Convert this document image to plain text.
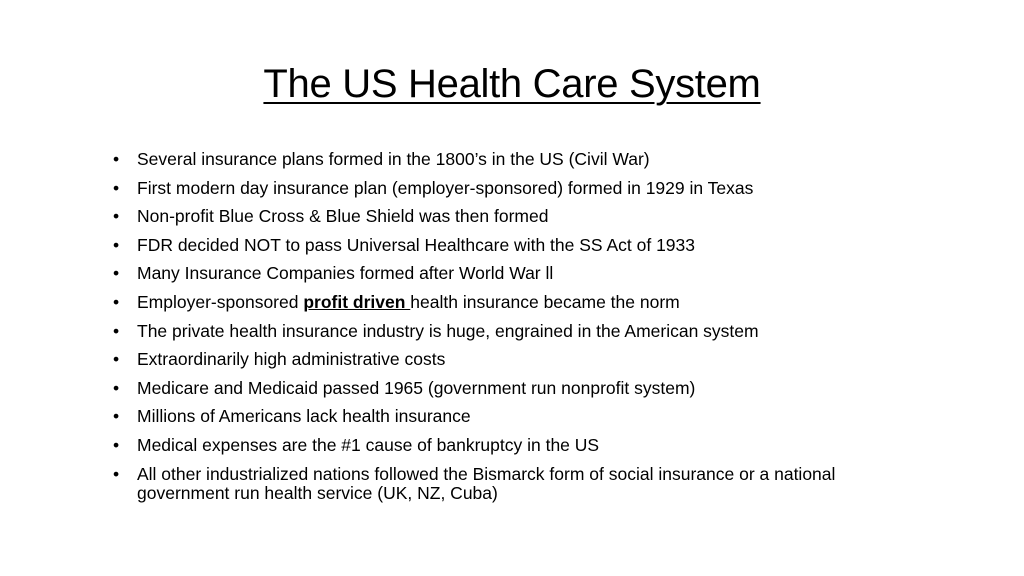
The US Health Care System
•	Several insurance plans formed in the 1800’s in the US (Civil War)
•	First modern day insurance plan (employer-sponsored) formed in 1929 in Texas
•	Non-profit Blue Cross & Blue Shield was then formed
•	FDR decided NOT to pass Universal Healthcare with the SS Act of 1933
•	Many Insurance Companies formed after World War ll
•	Employer-sponsored profit driven health insurance became the norm
•	The private health insurance industry is huge, engrained in the American system
•	Extraordinarily high administrative costs
•	Medicare and Medicaid passed 1965 (government run nonprofit system)
•	Millions of Americans lack health insurance
•	Medical expenses are the #1 cause of bankruptcy in the US
•	All other industrialized nations followed the Bismarck form of social insurance or a national government run health service (UK, NZ, Cuba)
